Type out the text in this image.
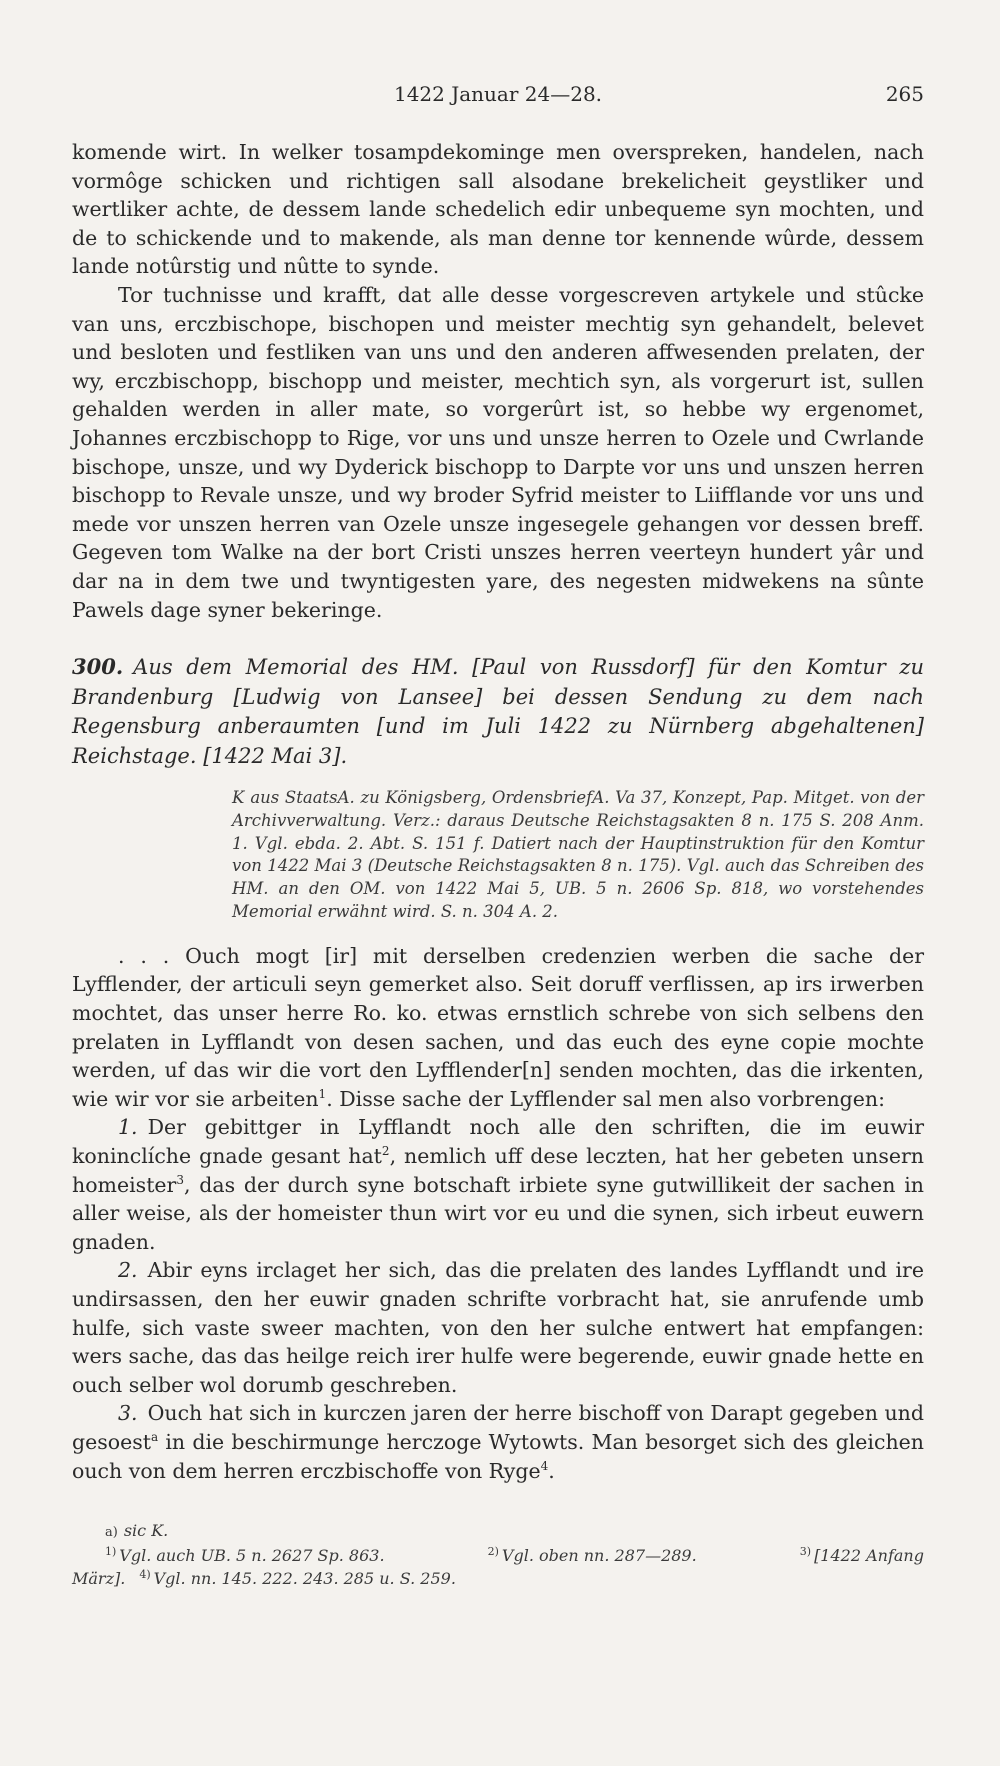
1422 Januar 24—28.	265

komende wirt. In welker tosampdekominge men overspreken, handelen, nach vormôge schicken und richtigen sall alsodane brekelicheit geystliker und wertliker achte, de dessem lande schedelich edir unbequeme syn mochten, und de to schickende und to makende, als man denne tor kennende wûrde, dessem lande notûrstig und nûtte to synde.

Tor tuchnisse und krafft, dat alle desse vorgescreven artykele und stûcke van uns, erczbischope, bischopen und meister mechtig syn gehandelt, belevet und besloten und festliken van uns und den anderen affwesenden prelaten, der wy, erczbischopp, bischopp und meister, mechtich syn, als vorgerurt ist, sullen gehalden werden in aller mate, so vorgerûrt ist, so hebbe wy ergenomet, Johannes erczbischopp to Rige, vor uns und unsze herren to Ozele und Cwrlande bischope, unsze, und wy Dyderick bischopp to Darpte vor uns und unszen herren bischopp to Revale unsze, und wy broder Syfrid meister to Liifflande vor uns und mede vor unszen herren van Ozele unsze ingesegele gehangen vor dessen breff. Gegeven tom Walke na der bort Cristi unszes herren veerteyn hundert yâr und dar na in dem twe und twyntigesten yare, des negesten midwekens na sûnte Pawels dage syner bekeringe.

300. Aus dem Memorial des HM. [Paul von Russdorf] für den Komtur zu Brandenburg [Ludwig von Lansee] bei dessen Sendung zu dem nach Regensburg anberaumten [und im Juli 1422 zu Nürnberg abgehaltenen] Reichstage. [1422 Mai 3].
K aus StaatsA. zu Königsberg, OrdensbriefA. Va 37, Konzept, Pap. Mitget. von der Archivverwaltung. Verz.: daraus Deutsche Reichstagsakten 8 n. 175 S. 208 Anm. 1. Vgl. ebda. 2. Abt. S. 151 f. Datiert nach der Hauptinstruktion für den Komtur von 1422 Mai 3 (Deutsche Reichstagsakten 8 n. 175). Vgl. auch das Schreiben des HM. an den OM. von 1422 Mai 5, UB. 5 n. 2606 Sp. 818, wo vorstehendes Memorial erwähnt wird. S. n. 304 A. 2.

. . . Ouch mogt [ir] mit derselben credenzien werben die sache der Lyfflender, der articuli seyn gemerket also. Seit doruff verflissen, ap irs irwerben mochtet, das unser herre Ro. ko. etwas ernstlich schrebe von sich selbens den prelaten in Lyfflandt von desen sachen, und das euch des eyne copie mochte werden, uf das wir die vort den Lyfflender[n] senden mochten, das die irkenten, wie wir vor sie arbeiten$^1$. Disse sache der Lyfflender sal men also vorbrengen:

1. Der gebittger in Lyfflandt noch alle den schriften, die im euwir koninclíche gnade gesant hat$^2$, nemlich uff dese leczten, hat her gebeten unsern homeister$^3$, das der durch syne botschaft irbiete syne gutwillikeit der sachen in aller weise, als der homeister thun wirt vor eu und die synen, sich irbeut euwern gnaden.

2. Abir eyns irclaget her sich, das die prelaten des landes Lyfflandt und ire undirsassen, den her euwir gnaden schrifte vorbracht hat, sie anrufende umb hulfe, sich vaste sweer machten, von den her sulche entwert hat empfangen: wers sache, das das heilge reich irer hulfe were begerende, euwir gnade hette en ouch selber wol dorumb geschreben.

3. Ouch hat sich in kurczen jaren der herre bischoff von Darapt gegeben und gesoest$^a$ in die beschirmunge herczoge Wytowts. Man besorget sich des gleichen ouch von dem herren erczbischoffe von Ryge$^4$.

a) sic K.
$^{1)}$ Vgl. auch UB. 5 n. 2627 Sp. 863.	$^{2)}$ Vgl. oben nn. 287—289.	$^{3)}$ [1422 Anfang
März]. $^{4)}$ Vgl. nn. 145. 222. 243. 285 u. S. 259.
